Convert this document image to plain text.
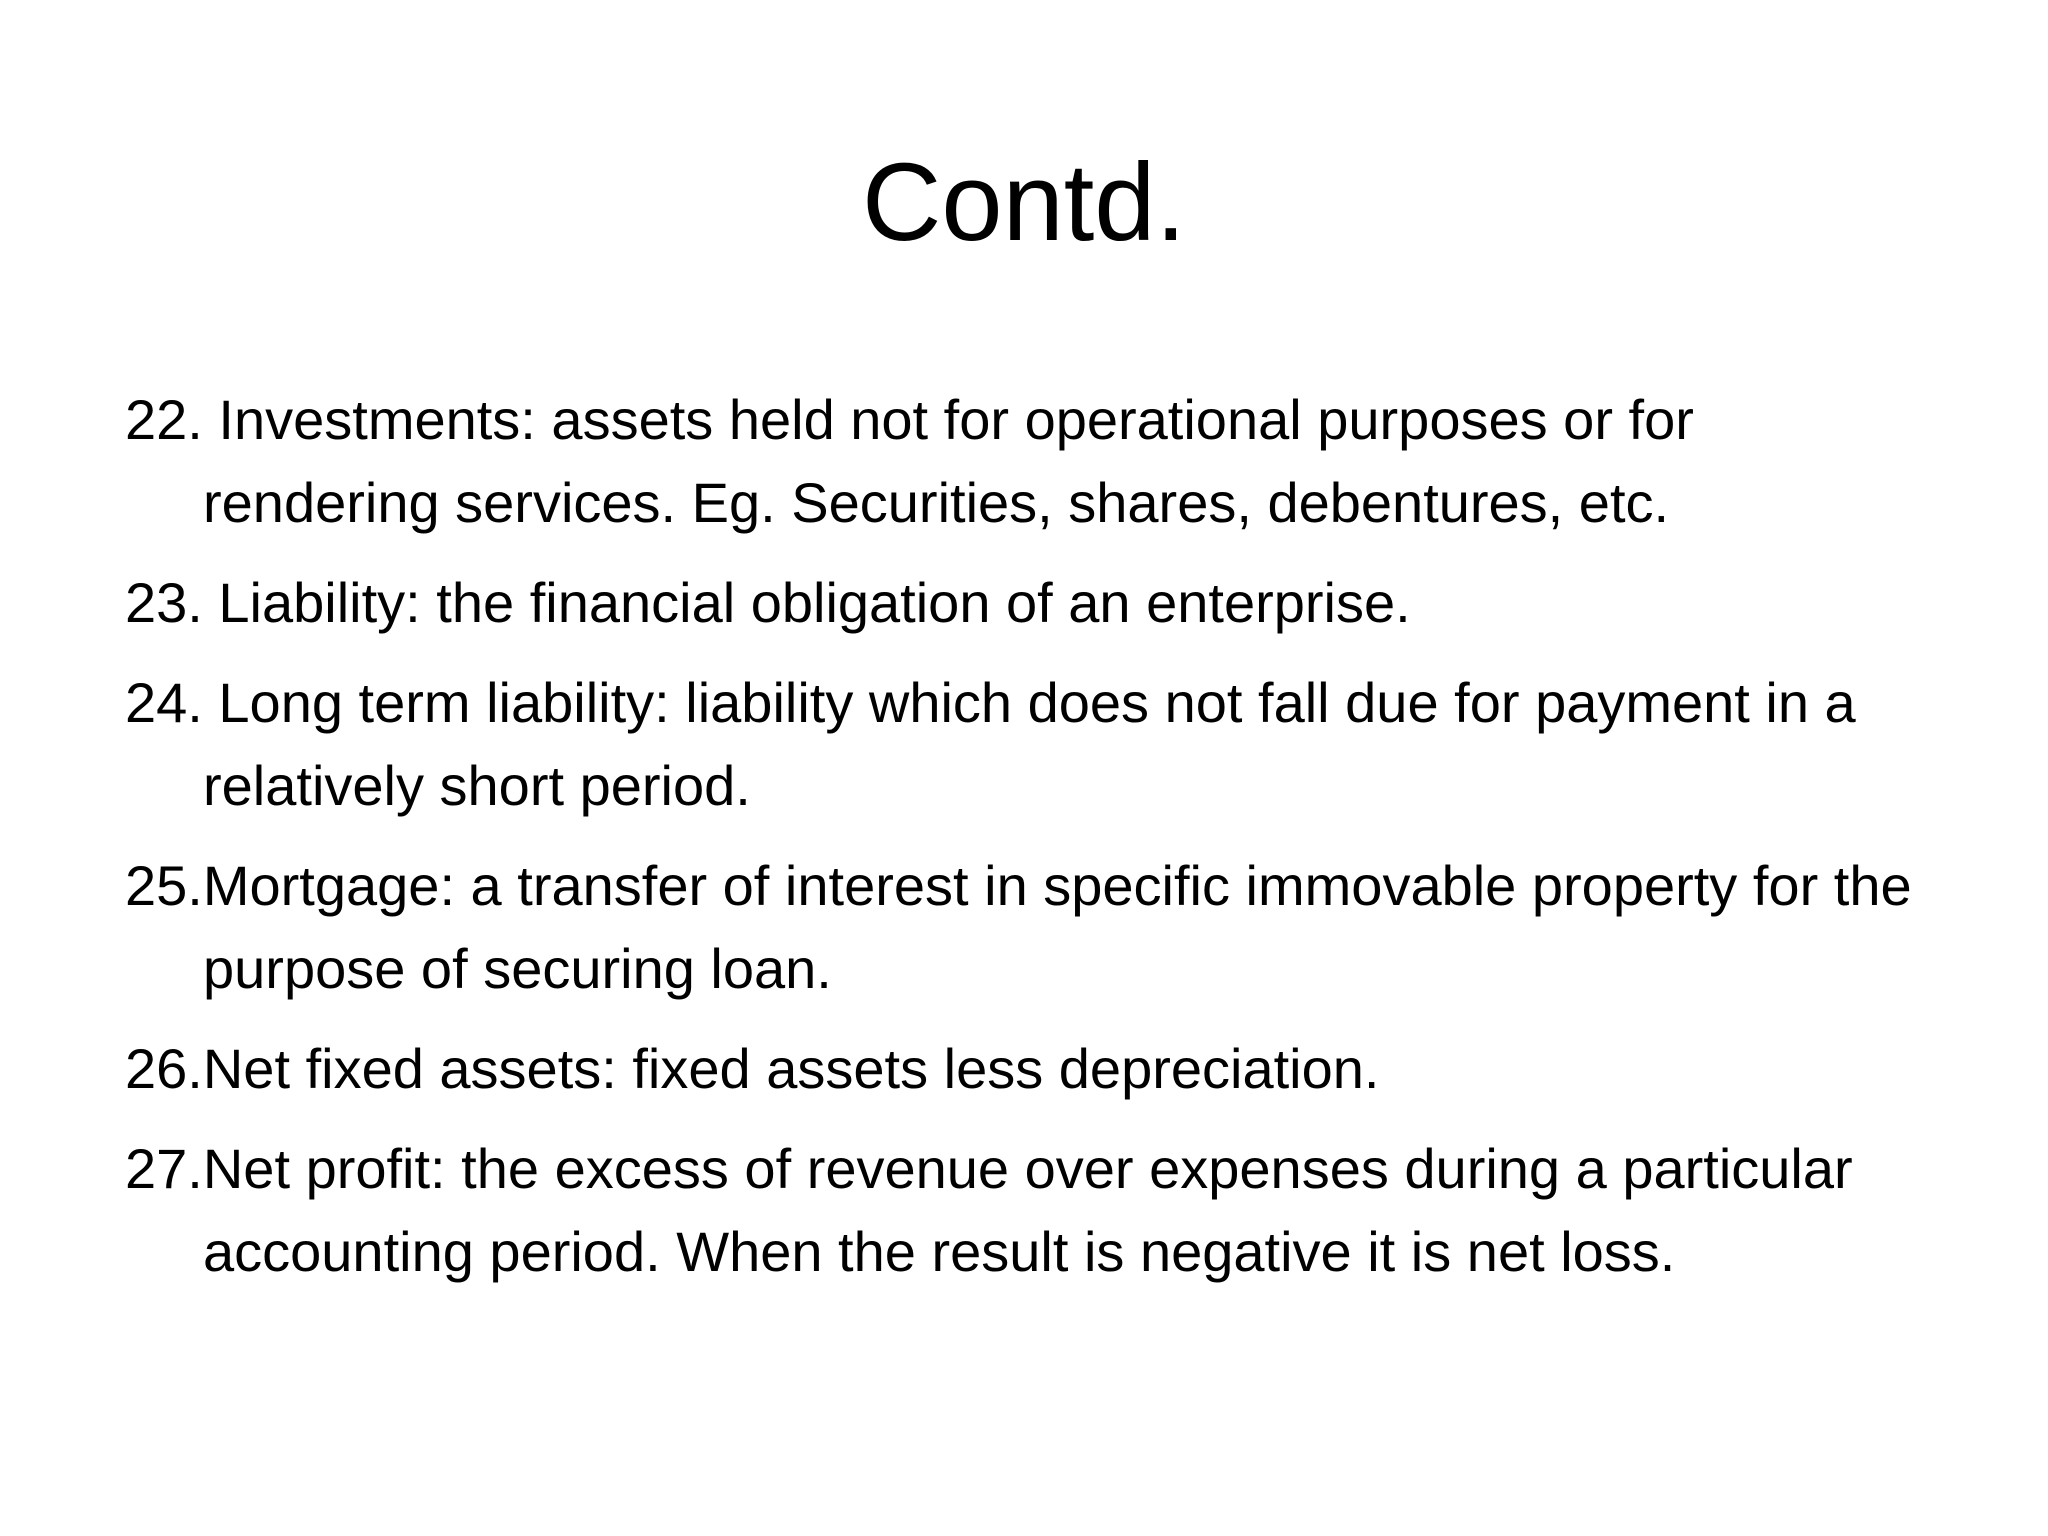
Contd.

22. Investments: assets held not for operational purposes or for rendering services. Eg. Securities, shares, debentures, etc.

23. Liability: the financial obligation of an enterprise.

24. Long term liability: liability which does not fall due for payment in a relatively short period.

25.Mortgage: a transfer of interest in specific immovable property for the purpose of securing loan.

26.Net fixed assets: fixed assets less depreciation.

27.Net profit: the excess of revenue over expenses during a particular accounting period. When the result is negative it is net loss.
